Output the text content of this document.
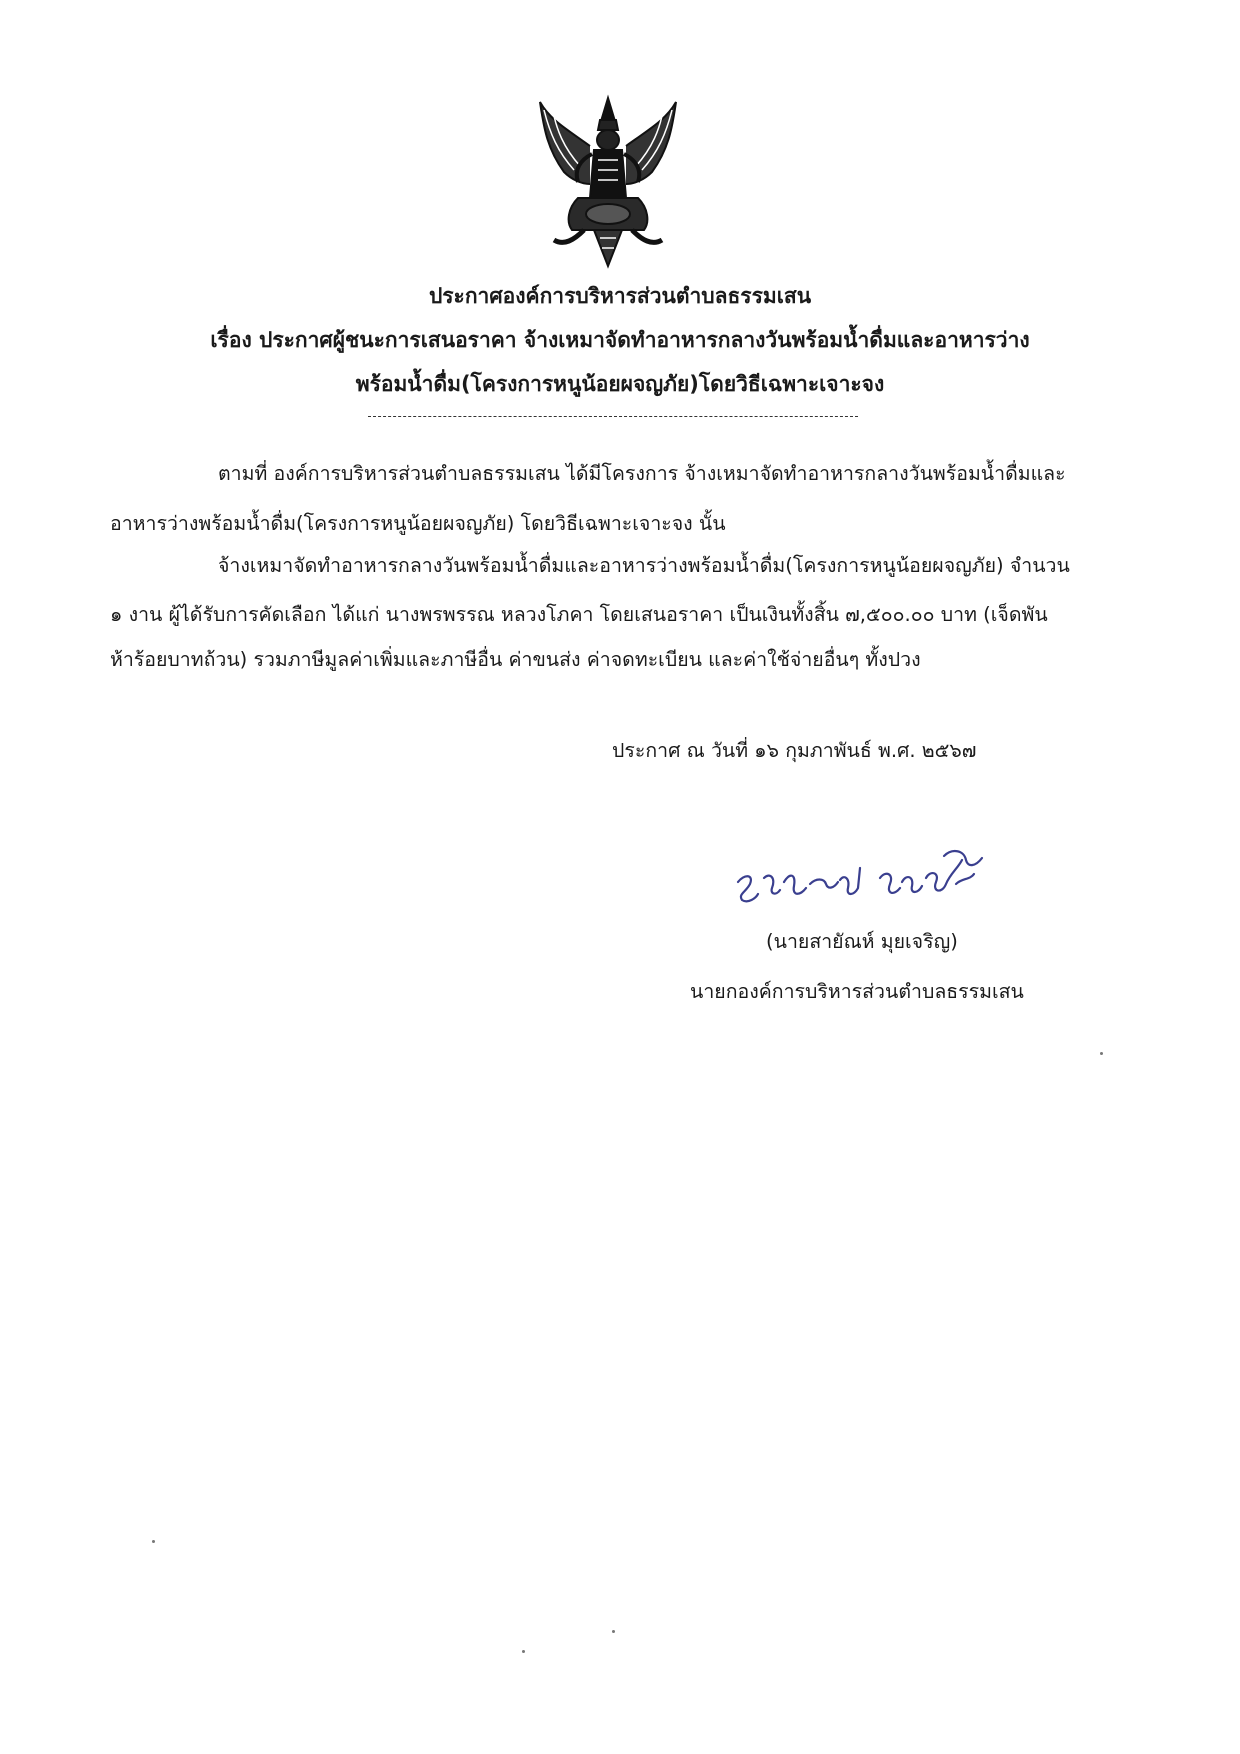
ประกาศองค์การบริหารส่วนตำบลธรรมเสน
เรื่อง ประกาศผู้ชนะการเสนอราคา จ้างเหมาจัดทำอาหารกลางวันพร้อมน้ำดื่มและอาหารว่าง
พร้อมน้ำดื่ม(โครงการหนูน้อยผจญภัย)โดยวิธีเฉพาะเจาะจง
ตามที่ องค์การบริหารส่วนตำบลธรรมเสน ได้มีโครงการ จ้างเหมาจัดทำอาหารกลางวันพร้อมน้ำดื่มและ
อาหารว่างพร้อมน้ำดื่ม(โครงการหนูน้อยผจญภัย) โดยวิธีเฉพาะเจาะจง นั้น
จ้างเหมาจัดทำอาหารกลางวันพร้อมน้ำดื่มและอาหารว่างพร้อมน้ำดื่ม(โครงการหนูน้อยผจญภัย) จำนวน
๑ งาน ผู้ได้รับการคัดเลือก ได้แก่ นางพรพรรณ หลวงโภคา โดยเสนอราคา เป็นเงินทั้งสิ้น ๗,๕๐๐.๐๐ บาท (เจ็ดพัน
ห้าร้อยบาทถ้วน) รวมภาษีมูลค่าเพิ่มและภาษีอื่น ค่าขนส่ง ค่าจดทะเบียน และค่าใช้จ่ายอื่นๆ ทั้งปวง
ประกาศ ณ วันที่ ๑๖ กุมภาพันธ์ พ.ศ. ๒๕๖๗
(นายสายัณห์ มุยเจริญ)
นายกองค์การบริหารส่วนตำบลธรรมเสน
